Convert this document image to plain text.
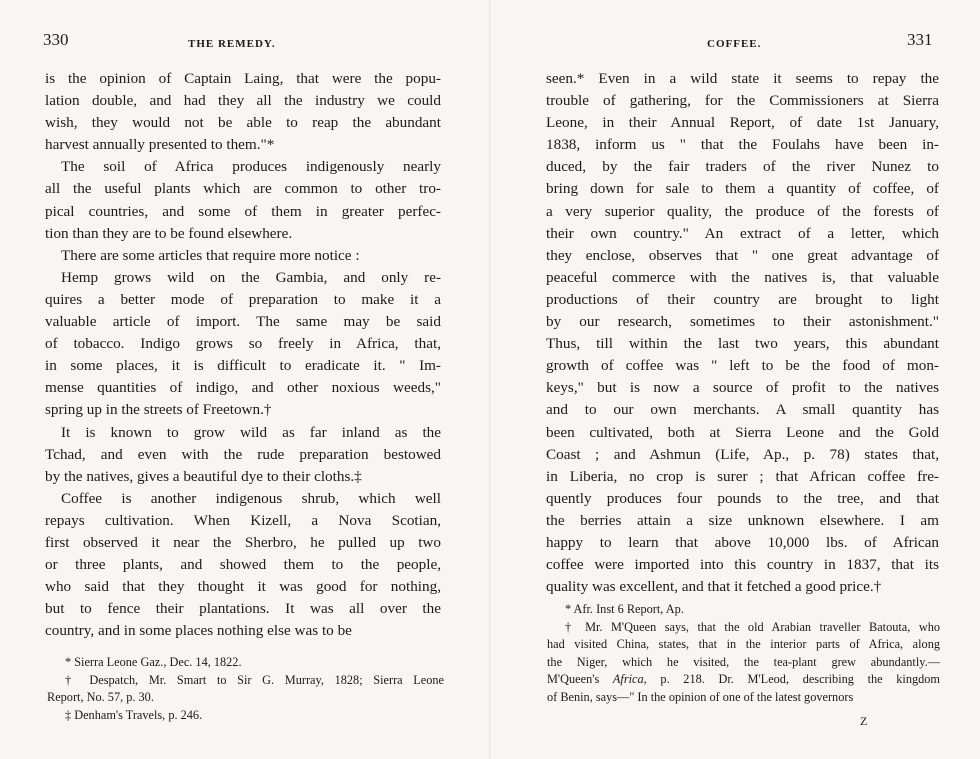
330	THE REMEDY.
is the opinion of Captain Laing, that were the popu-
lation double, and had they all the industry we could
wish, they would not be able to reap the abundant
harvest annually presented to them."*
The soil of Africa produces indigenously nearly
all the useful plants which are common to other tro-
pical countries, and some of them in greater perfec-
tion than they are to be found elsewhere.
There are some articles that require more notice :
Hemp grows wild on the Gambia, and only re-
quires a better mode of preparation to make it a
valuable article of import. The same may be said
of tobacco. Indigo grows so freely in Africa, that,
in some places, it is difficult to eradicate it. " Im-
mense quantities of indigo, and other noxious weeds,"
spring up in the streets of Freetown.†
It is known to grow wild as far inland as the
Tchad, and even with the rude preparation bestowed
by the natives, gives a beautiful dye to their cloths.‡
Coffee is another indigenous shrub, which well
repays cultivation. When Kizell, a Nova Scotian,
first observed it near the Sherbro, he pulled up two
or three plants, and showed them to the people,
who said that they thought it was good for nothing,
but to fence their plantations. It was all over the
country, and in some places nothing else was to be
* Sierra Leone Gaz., Dec. 14, 1822.
† Despatch, Mr. Smart to Sir G. Murray, 1828; Sierra Leone
Report, No. 57, p. 30.
‡ Denham's Travels, p. 246.
COFFEE.	331
seen.* Even in a wild state it seems to repay the
trouble of gathering, for the Commissioners at Sierra
Leone, in their Annual Report, of date 1st January,
1838, inform us " that the Foulahs have been in-
duced, by the fair traders of the river Nunez to
bring down for sale to them a quantity of coffee, of
a very superior quality, the produce of the forests of
their own country." An extract of a letter, which
they enclose, observes that " one great advantage of
peaceful commerce with the natives is, that valuable
productions of their country are brought to light
by our research, sometimes to their astonishment."
Thus, till within the last two years, this abundant
growth of coffee was " left to be the food of mon-
keys," but is now a source of profit to the natives
and to our own merchants. A small quantity has
been cultivated, both at Sierra Leone and the Gold
Coast ; and Ashmun (Life, Ap., p. 78) states that,
in Liberia, no crop is surer ; that African coffee fre-
quently produces four pounds to the tree, and that
the berries attain a size unknown elsewhere. I am
happy to learn that above 10,000 lbs. of African
coffee were imported into this country in 1837, that its
quality was excellent, and that it fetched a good price.†
* Afr. Inst 6 Report, Ap.
† Mr. M'Queen says, that the old Arabian traveller Batouta, who
had visited China, states, that in the interior parts of Africa, along
the Niger, which he visited, the tea-plant grew abundantly.—
M'Queen's Africa, p. 218. Dr. M'Leod, describing the kingdom
of Benin, says—" In the opinion of one of the latest governors
Z
